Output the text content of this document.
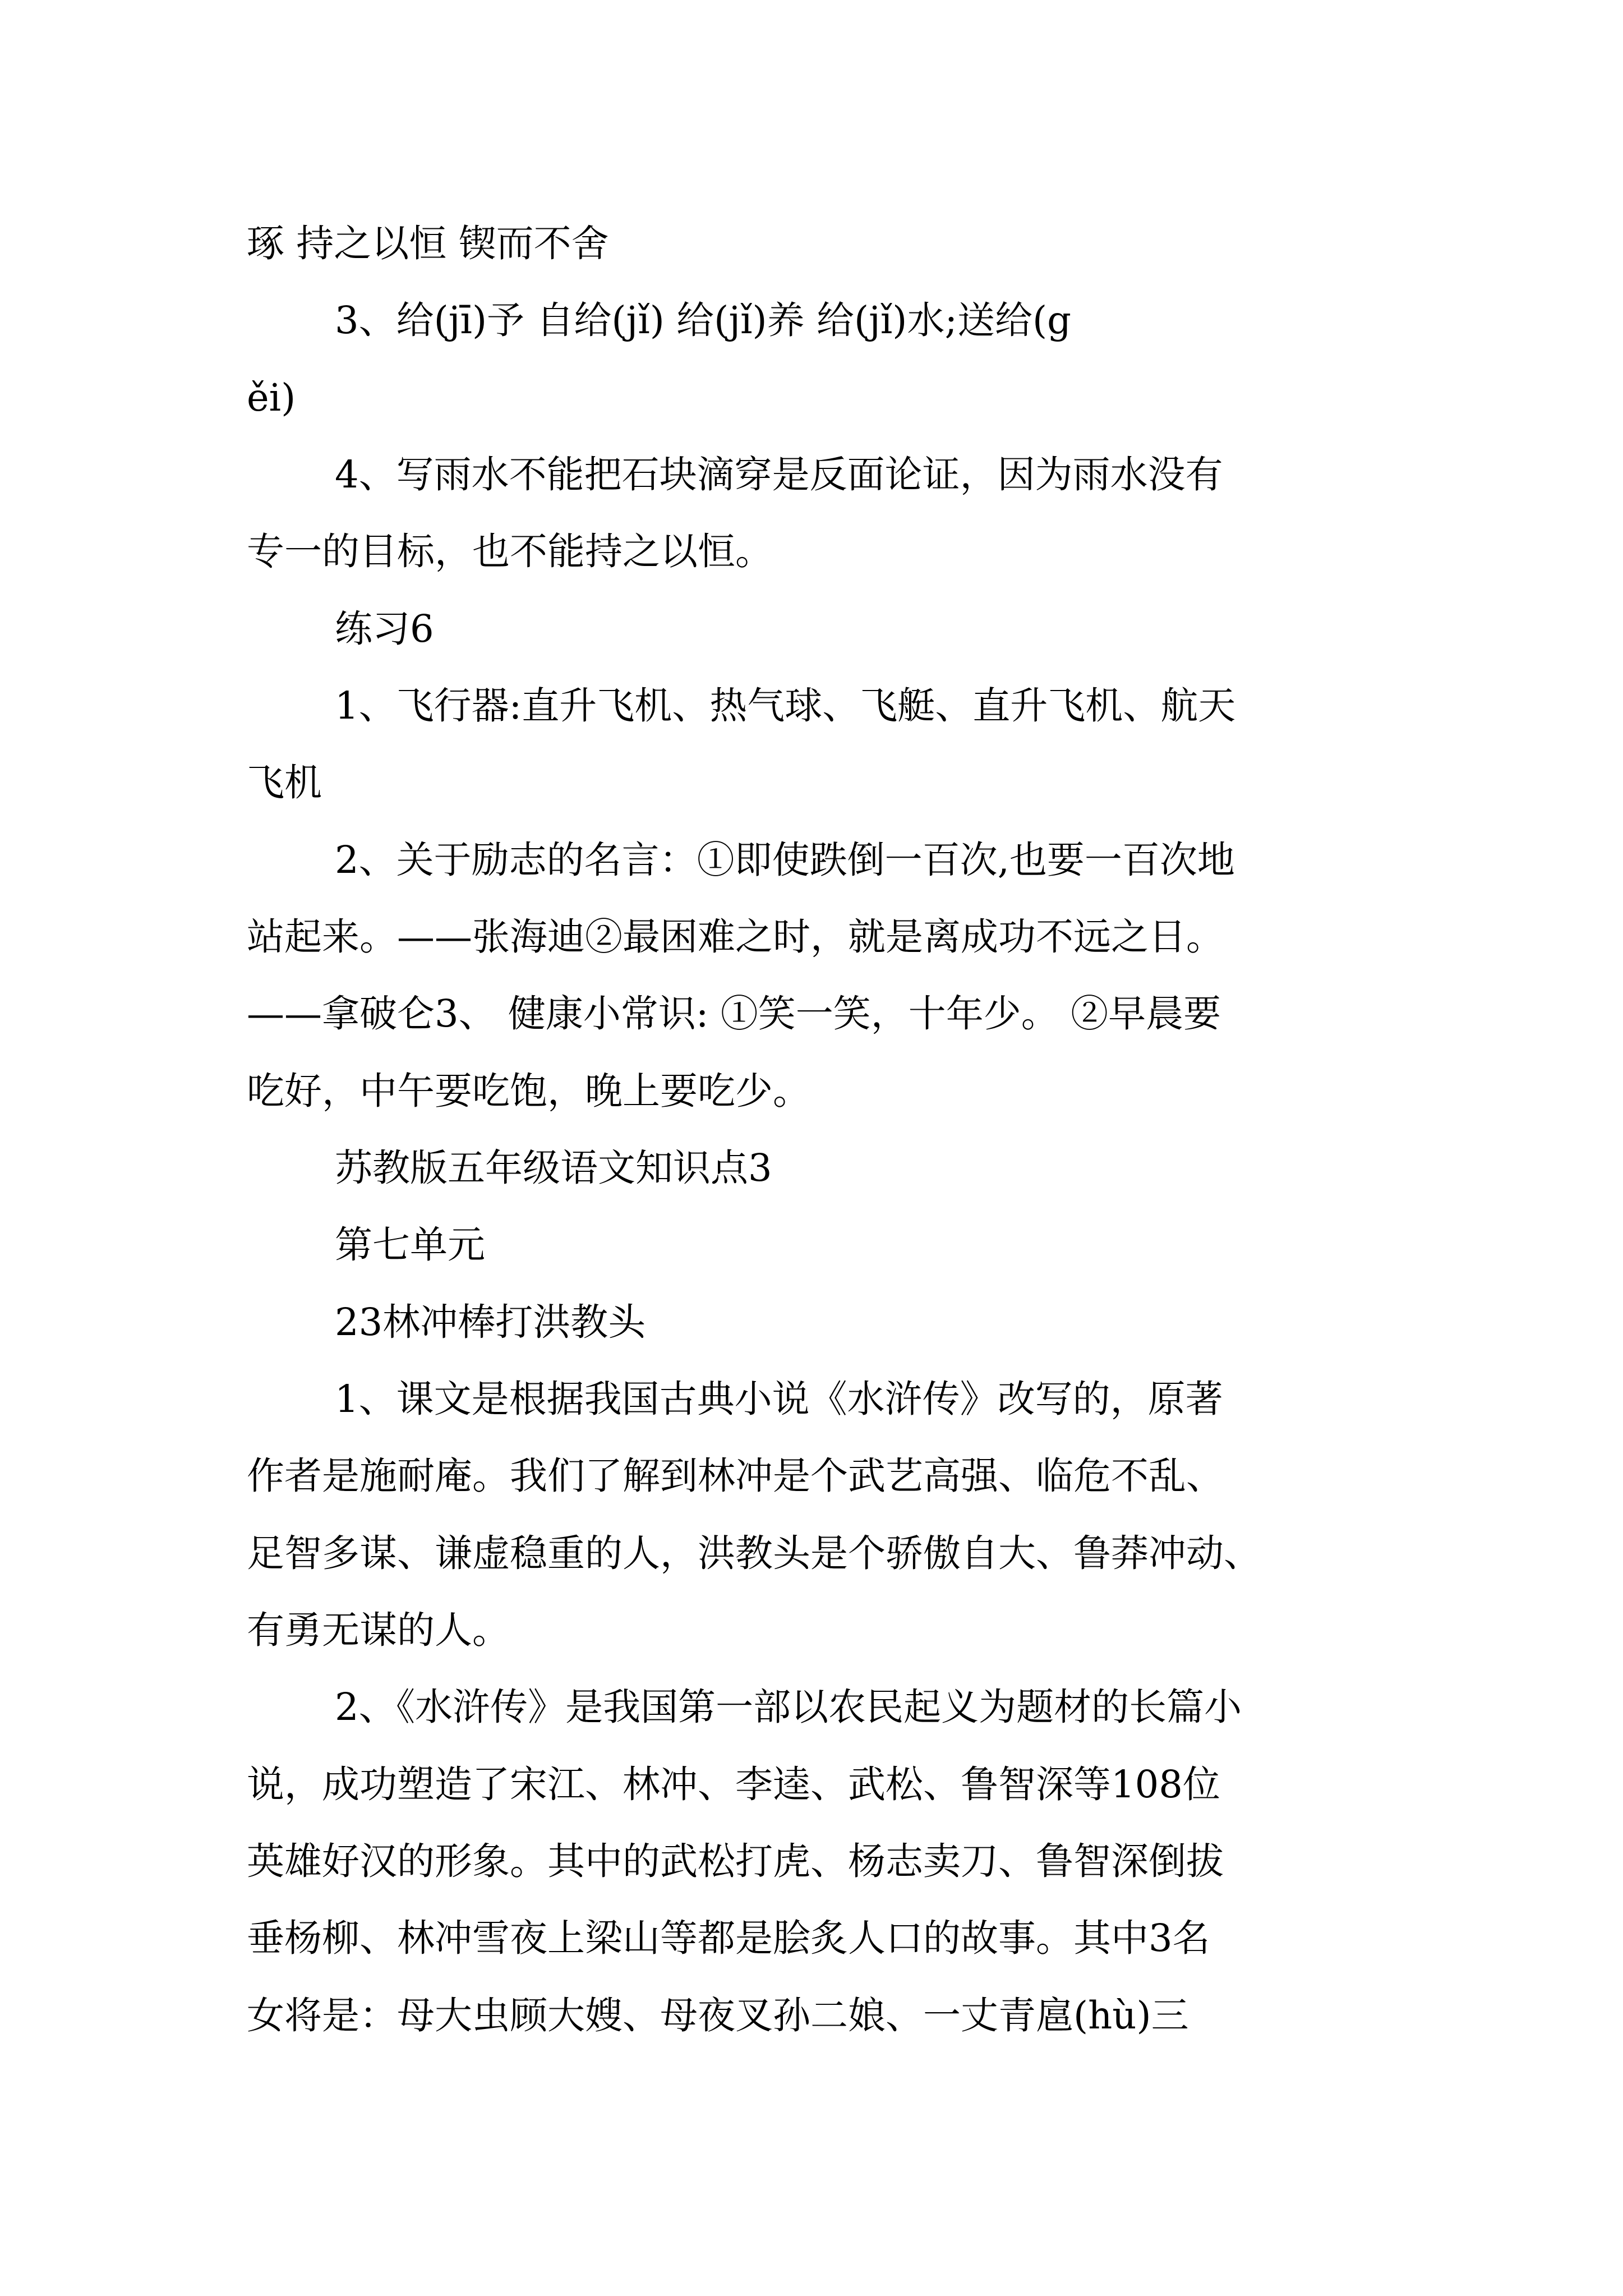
琢 持之以恒 锲而不舍
3、给(jī)予 自给(jǐ) 给(jǐ)养 给(jǐ)水;送给(g
ěi)
4、写雨水不能把石块滴穿是反面论证，因为雨水没有
专一的目标，也不能持之以恒。
练习6
1、飞行器:直升飞机、热气球、飞艇、直升飞机、航天
飞机
2、关于励志的名言：①即使跌倒一百次,也要一百次地
站起来。——张海迪②最困难之时，就是离成功不远之日。
——拿破仑3、 健康小常识: ①笑一笑，十年少。 ②早晨要
吃好，中午要吃饱，晚上要吃少。
苏教版五年级语文知识点3
第七单元
23林冲棒打洪教头
1、课文是根据我国古典小说《水浒传》改写的，原著
作者是施耐庵。我们了解到林冲是个武艺高强、临危不乱、
足智多谋、谦虚稳重的人，洪教头是个骄傲自大、鲁莽冲动、
有勇无谋的人。
2、《水浒传》是我国第一部以农民起义为题材的长篇小
说，成功塑造了宋江、林冲、李逵、武松、鲁智深等108位
英雄好汉的形象。其中的武松打虎、杨志卖刀、鲁智深倒拔
垂杨柳、林冲雪夜上梁山等都是脍炙人口的故事。其中3名
女将是：母大虫顾大嫂、母夜叉孙二娘、一丈青扈(hù)三
